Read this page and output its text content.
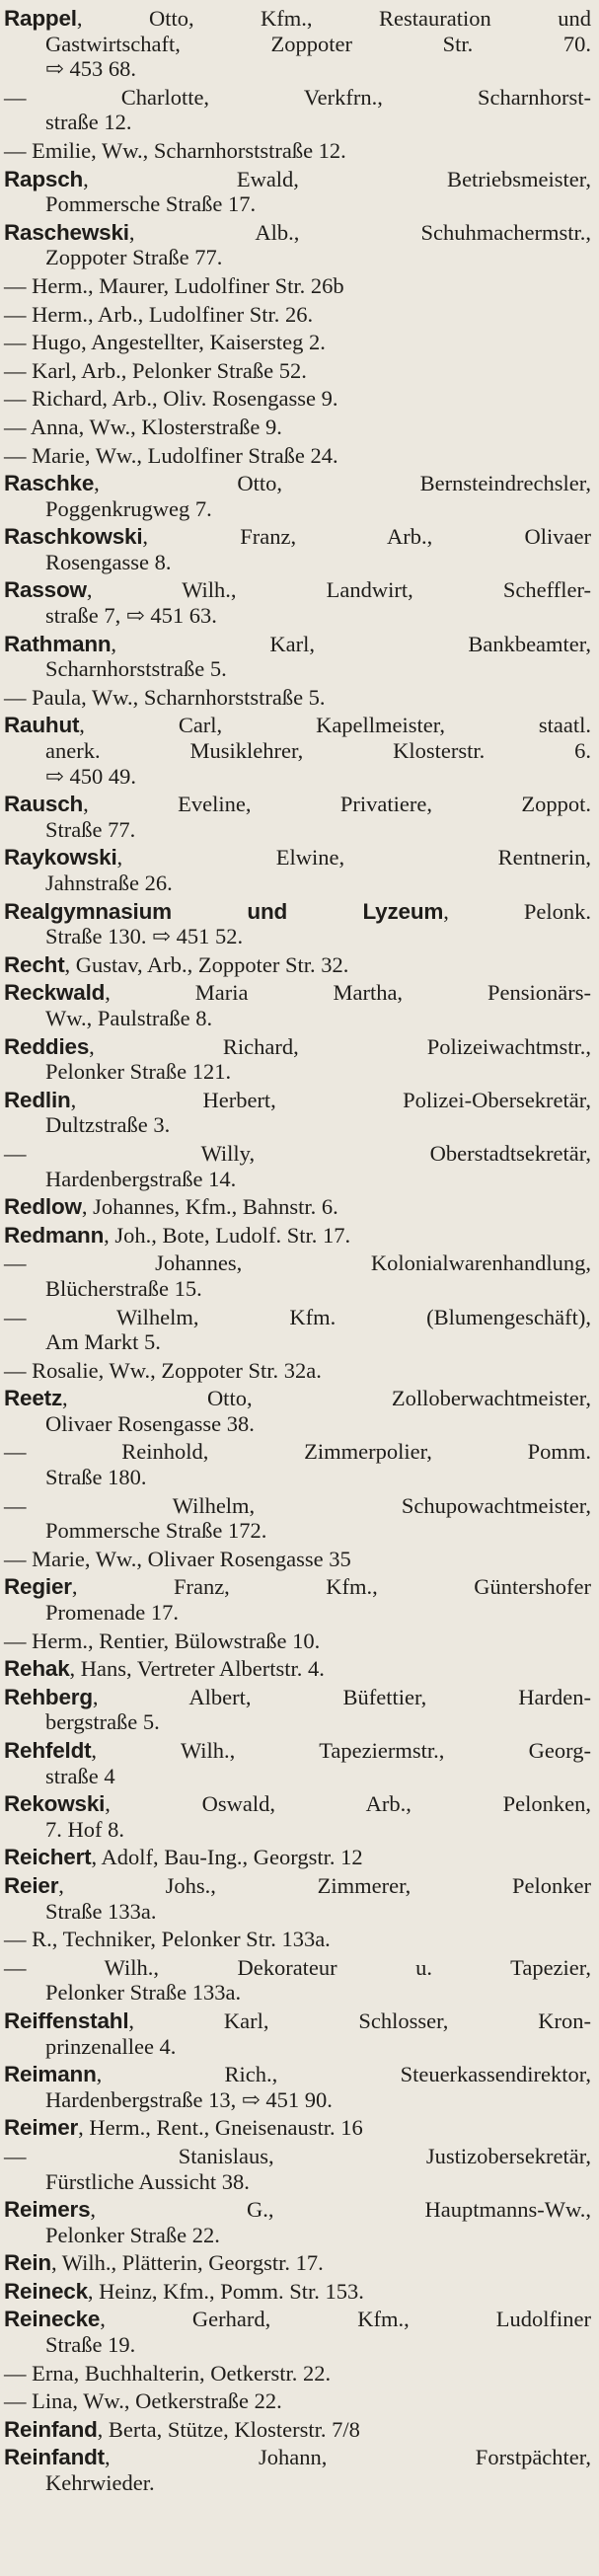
Rappel, Otto, Kfm., Restauration und
Gastwirtschaft, Zoppoter Str. 70.
⇨ 453 68.
— Charlotte, Verkfrn., Scharnhorst-
straße 12.
— Emilie, Ww., Scharnhorststraße 12.
Rapsch, Ewald, Betriebsmeister,
Pommersche Straße 17.
Raschewski, Alb., Schuhmachermstr.,
Zoppoter Straße 77.
— Herm., Maurer, Ludolfiner Str. 26b
— Herm., Arb., Ludolfiner Str. 26.
— Hugo, Angestellter, Kaisersteg 2.
— Karl, Arb., Pelonker Straße 52.
— Richard, Arb., Oliv. Rosengasse 9.
— Anna, Ww., Klosterstraße 9.
— Marie, Ww., Ludolfiner Straße 24.
Raschke, Otto, Bernsteindrechsler,
Poggenkrugweg 7.
Raschkowski, Franz, Arb., Olivaer
Rosengasse 8.
Rassow, Wilh., Landwirt, Scheffler-
straße 7, ⇨ 451 63.
Rathmann, Karl, Bankbeamter,
Scharnhorststraße 5.
— Paula, Ww., Scharnhorststraße 5.
Rauhut, Carl, Kapellmeister, staatl.
anerk. Musiklehrer, Klosterstr. 6.
⇨ 450 49.
Rausch, Eveline, Privatiere, Zoppot.
Straße 77.
Raykowski, Elwine, Rentnerin,
Jahnstraße 26.
Realgymnasium und Lyzeum, Pelonk.
Straße 130. ⇨ 451 52.
Recht, Gustav, Arb., Zoppoter Str. 32.
Reckwald, Maria Martha, Pensionärs-
Ww., Paulstraße 8.
Reddies, Richard, Polizeiwachtmstr.,
Pelonker Straße 121.
Redlin, Herbert, Polizei-Obersekretär,
Dultzstraße 3.
— Willy, Oberstadtsekretär,
Hardenbergstraße 14.
Redlow, Johannes, Kfm., Bahnstr. 6.
Redmann, Joh., Bote, Ludolf. Str. 17.
— Johannes, Kolonialwarenhandlung,
Blücherstraße 15.
— Wilhelm, Kfm. (Blumengeschäft),
Am Markt 5.
— Rosalie, Ww., Zoppoter Str. 32a.
Reetz, Otto, Zolloberwachtmeister,
Olivaer Rosengasse 38.
— Reinhold, Zimmerpolier, Pomm.
Straße 180.
— Wilhelm, Schupowachtmeister,
Pommersche Straße 172.
— Marie, Ww., Olivaer Rosengasse 35
Regier, Franz, Kfm., Güntershofer
Promenade 17.
— Herm., Rentier, Bülowstraße 10.
Rehak, Hans, Vertreter Albertstr. 4.
Rehberg, Albert, Büfettier, Harden-
bergstraße 5.
Rehfeldt, Wilh., Tapeziermstr., Georg-
straße 4
Rekowski, Oswald, Arb., Pelonken,
7. Hof 8.
Reichert, Adolf, Bau-Ing., Georgstr. 12
Reier, Johs., Zimmerer, Pelonker
Straße 133a.
— R., Techniker, Pelonker Str. 133a.
— Wilh., Dekorateur u. Tapezier,
Pelonker Straße 133a.
Reiffenstahl, Karl, Schlosser, Kron-
prinzenallee 4.
Reimann, Rich., Steuerkassendirektor,
Hardenbergstraße 13, ⇨ 451 90.
Reimer, Herm., Rent., Gneisenaustr. 16
— Stanislaus, Justizobersekretär,
Fürstliche Aussicht 38.
Reimers, G., Hauptmanns-Ww.,
Pelonker Straße 22.
Rein, Wilh., Plätterin, Georgstr. 17.
Reineck, Heinz, Kfm., Pomm. Str. 153.
Reinecke, Gerhard, Kfm., Ludolfiner
Straße 19.
— Erna, Buchhalterin, Oetkerstr. 22.
— Lina, Ww., Oetkerstraße 22.
Reinfand, Berta, Stütze, Klosterstr. 7/8
Reinfandt, Johann, Forstpächter,
Kehrwieder.
